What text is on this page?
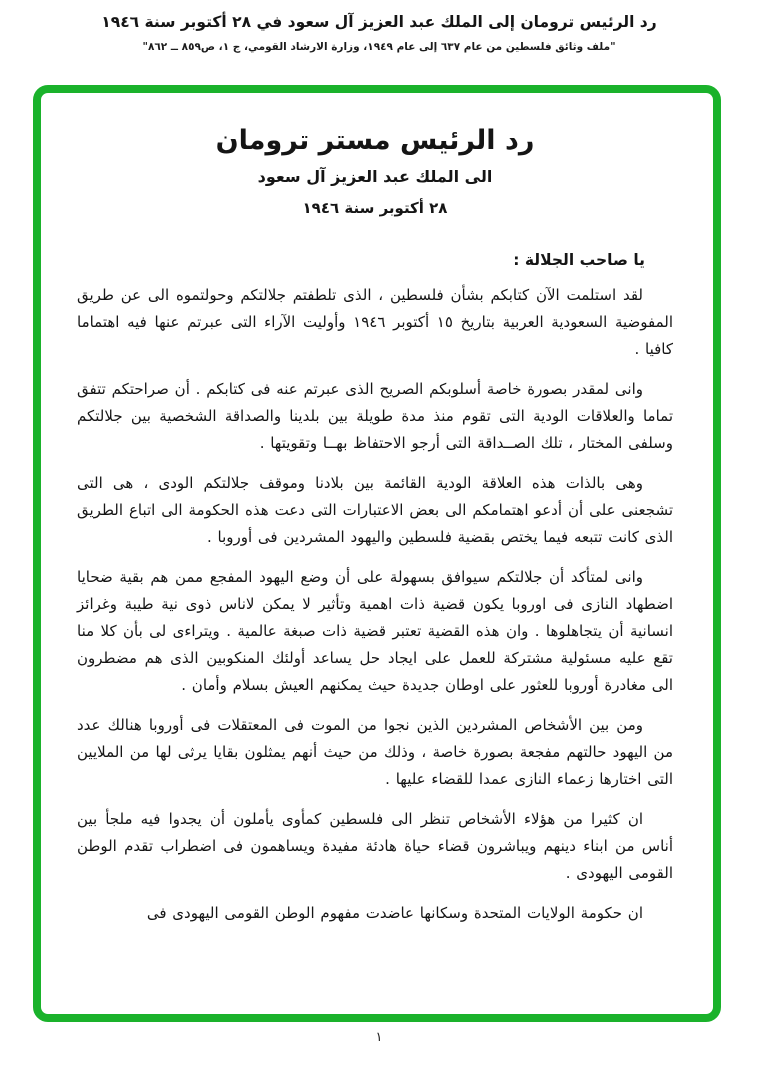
رد الرئيس ترومان إلى الملك عبد العزيز آل سعود في ٢٨ أكتوبر سنة ١٩٤٦
"ملف وثائق فلسطين من عام ٦٣٧ إلى عام ١٩٤٩، وزارة الارشاد القومي، ج ١، ص٨٥٩ ــ ٨٦٢"
رد الرئيس مستر ترومان
الى الملك عبد العزيز آل سعود
٢٨ أكتوبر سنة ١٩٤٦
يا صاحب الجلالة :

لقد استلمت الآن كتابكم بشأن فلسطين ، الذى تلطفتم جلالتكم وحولتموه الى عن طريق المفوضية السعودية العربية بتاريخ ١٥ أكتوبر ١٩٤٦ وأوليت الآراء التى عبرتم عنها فيه اهتماما كافيا .

وانى لمقدر بصورة خاصة أسلوبكم الصريح الذى عبرتم عنه فى كتابكم . أن صراحتكم تتفق تماما والعلاقات الودية التى تقوم منذ مدة طويلة بين بلدينا والصداقة الشخصية بين جلالتكم وسلفى المختار ، تلك الصــداقة التى أرجو الاحتفاظ بهــا وتقويتها .

وهى بالذات هذه العلاقة الودية القائمة بين بلادنا وموقف جلالتكم الودى ، هى التى تشجعنى على أن أدعو اهتمامكم الى بعض الاعتبارات التى دعت هذه الحكومة الى اتباع الطريق الذى كانت تتبعه فيما يختص بقضية فلسطين واليهود المشردين فى أوروبا .

وانى لمتأكد أن جلالتكم سيوافق بسهولة على أن وضع اليهود المفجع ممن هم بقية ضحايا اضطهاد النازى فى اوروبا يكون قضية ذات اهمية وتأثير لا يمكن لاناس ذوى نية طيبة وغرائز انسانية أن يتجاهلوها . وان هذه القضية تعتبر قضية ذات صبغة عالمية . ويتراءى لى بأن كلا منا تقع عليه مسئولية مشتركة للعمل على ايجاد حل يساعد أولئك المنكوبين الذى هم مضطرون الى مغادرة أوروبا للعثور على اوطان جديدة حيث يمكنهم العيش بسلام وأمان .

ومن بين الأشخاص المشردين الذين نجوا من الموت فى المعتقلات فى أوروبا هنالك عدد من اليهود حالتهم مفجعة بصورة خاصة ، وذلك من حيث أنهم يمثلون بقايا يرثى لها من الملايين التى اختارها زعماء النازى عمدا للقضاء عليها .

ان كثيرا من هؤلاء الأشخاص تنظر الى فلسطين كمأوى يأملون أن يجدوا فيه ملجأ بين أناس من ابناء دينهم ويباشرون قضاء حياة هادئة مفيدة ويساهمون فى اضطراب تقدم الوطن القومى اليهودى .

ان حكومة الولايات المتحدة وسكانها عاضدت مفهوم الوطن القومى اليهودى فى

١
